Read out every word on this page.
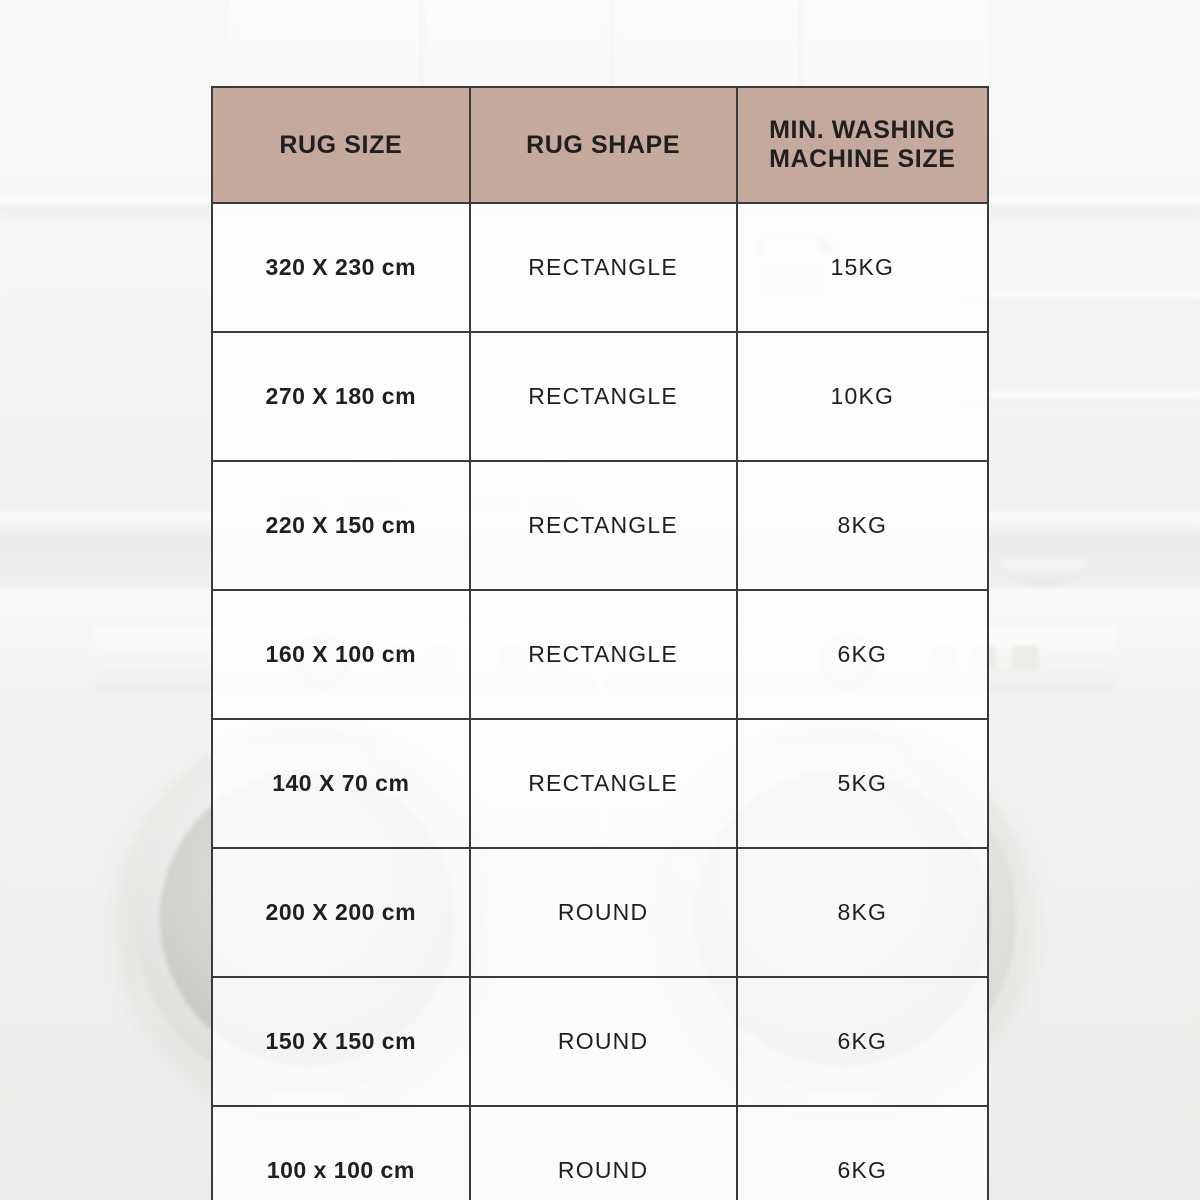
RUG SIZE	RUG SHAPE	MIN. WASHING MACHINE SIZE
320 X 230 cm	RECTANGLE	15KG
270 X 180 cm	RECTANGLE	10KG
220 X 150 cm	RECTANGLE	8KG
160 X 100 cm	RECTANGLE	6KG
140 X 70 cm	RECTANGLE	5KG
200 X 200 cm	ROUND	8KG
150 X 150 cm	ROUND	6KG
100 x 100 cm	ROUND	6KG
